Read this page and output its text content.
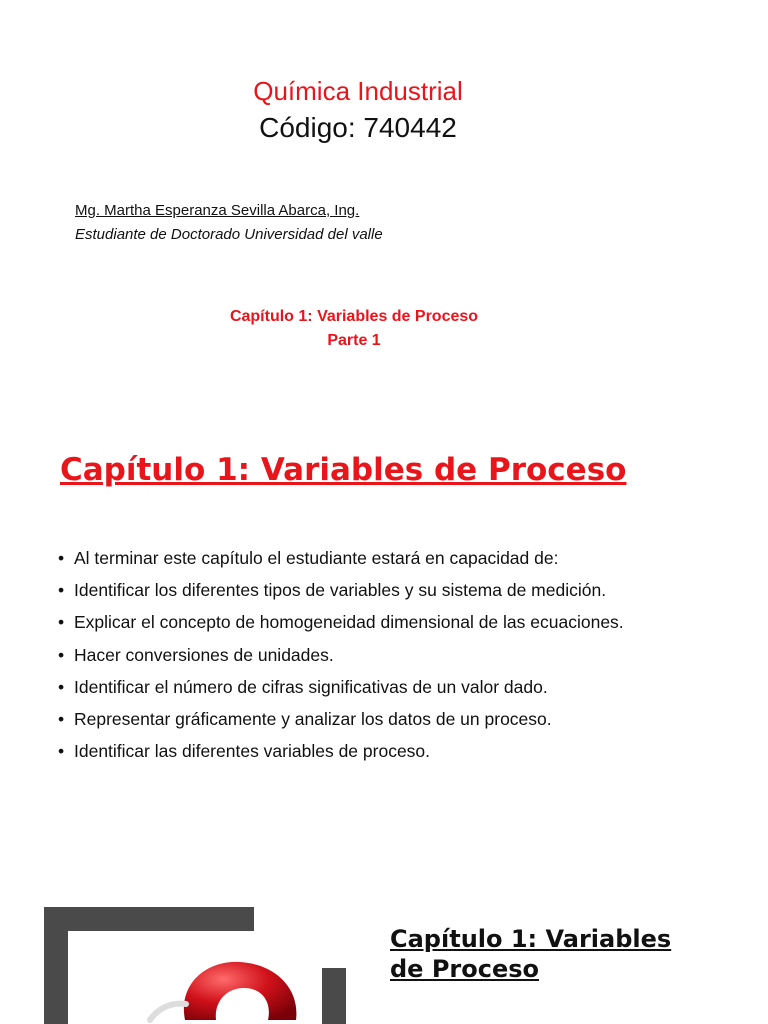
Química Industrial
Código: 740442
Mg. Martha Esperanza Sevilla Abarca, Ing.
Estudiante de Doctorado Universidad del valle
Capítulo 1: Variables de Proceso
Parte 1
Capítulo 1: Variables de Proceso
• Al terminar este capítulo el estudiante estará en capacidad de:
• Identificar los diferentes tipos de variables y su sistema de medición.
• Explicar el concepto de homogeneidad dimensional de las ecuaciones.
• Hacer conversiones de unidades.
• Identificar el número de cifras significativas de un valor dado.
• Representar gráficamente y analizar los datos de un proceso.
• Identificar las diferentes variables de proceso.
Capítulo 1: Variables
de Proceso
